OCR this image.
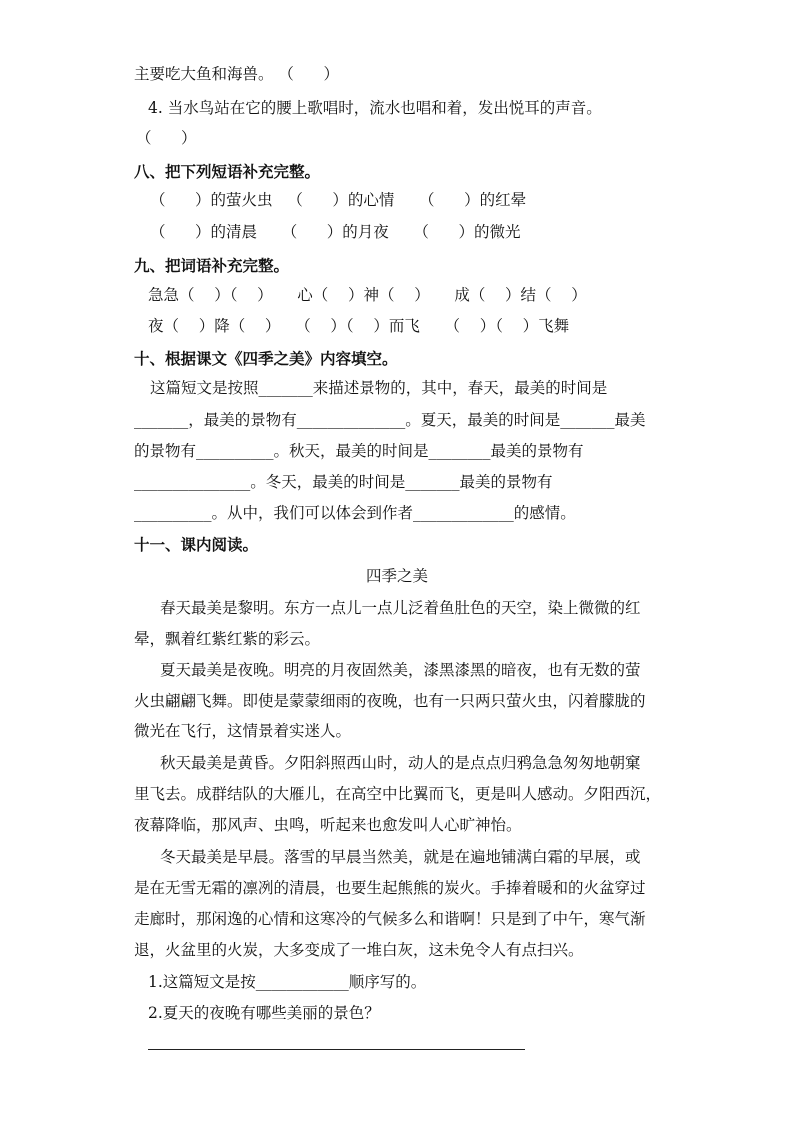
主要吃大鱼和海兽。 （      ）
4. 当水鸟站在它的腰上歌唱时，流水也唱和着，发出悦耳的声音。
（      ）
八、把下列短语补充完整。
（      ）的萤火虫   （      ）的心情     （      ）的红晕
（      ）的清晨     （      ）的月夜     （      ）的微光
九、把词语补充完整。
急急（    ）（    ）     心（    ）神（    ）     成（    ）结（    ）
夜（    ）降（    ）   （    ）（    ）而飞     （    ）（    ）飞舞
十、根据课文《四季之美》内容填空。
这篇短文是按照_______来描述景物的，其中，春天，最美的时间是
_______，最美的景物有______________。夏天，最美的时间是_______最美
的景物有__________。秋天，最美的时间是________最美的景物有
_______________。冬天，最美的时间是_______最美的景物有
__________。从中，我们可以体会到作者_____________的感情。
十一、课内阅读。
四季之美
春天最美是黎明。东方一点儿一点儿泛着鱼肚色的天空，染上微微的红
晕，飘着红紫红紫的彩云。
夏天最美是夜晚。明亮的月夜固然美，漆黑漆黑的暗夜，也有无数的萤
火虫翩翩飞舞。即使是蒙蒙细雨的夜晚，也有一只两只萤火虫，闪着朦胧的
微光在飞行，这情景着实迷人。
秋天最美是黄昏。夕阳斜照西山时，动人的是点点归鸦急急匆匆地朝窠
里飞去。成群结队的大雁儿，在高空中比翼而飞，更是叫人感动。夕阳西沉，
夜幕降临，那风声、虫鸣，听起来也愈发叫人心旷神怡。
冬天最美是早晨。落雪的早晨当然美，就是在遍地铺满白霜的早展，或
是在无雪无霜的凛冽的清晨，也要生起熊熊的炭火。手捧着暖和的火盆穿过
走廊时，那闲逸的心情和这寒冷的气候多么和谐啊！只是到了中午，寒气渐
退，火盆里的火炭，大多变成了一堆白灰，这未免令人有点扫兴。
1.这篇短文是按____________顺序写的。
2.夏天的夜晚有哪些美丽的景色？
